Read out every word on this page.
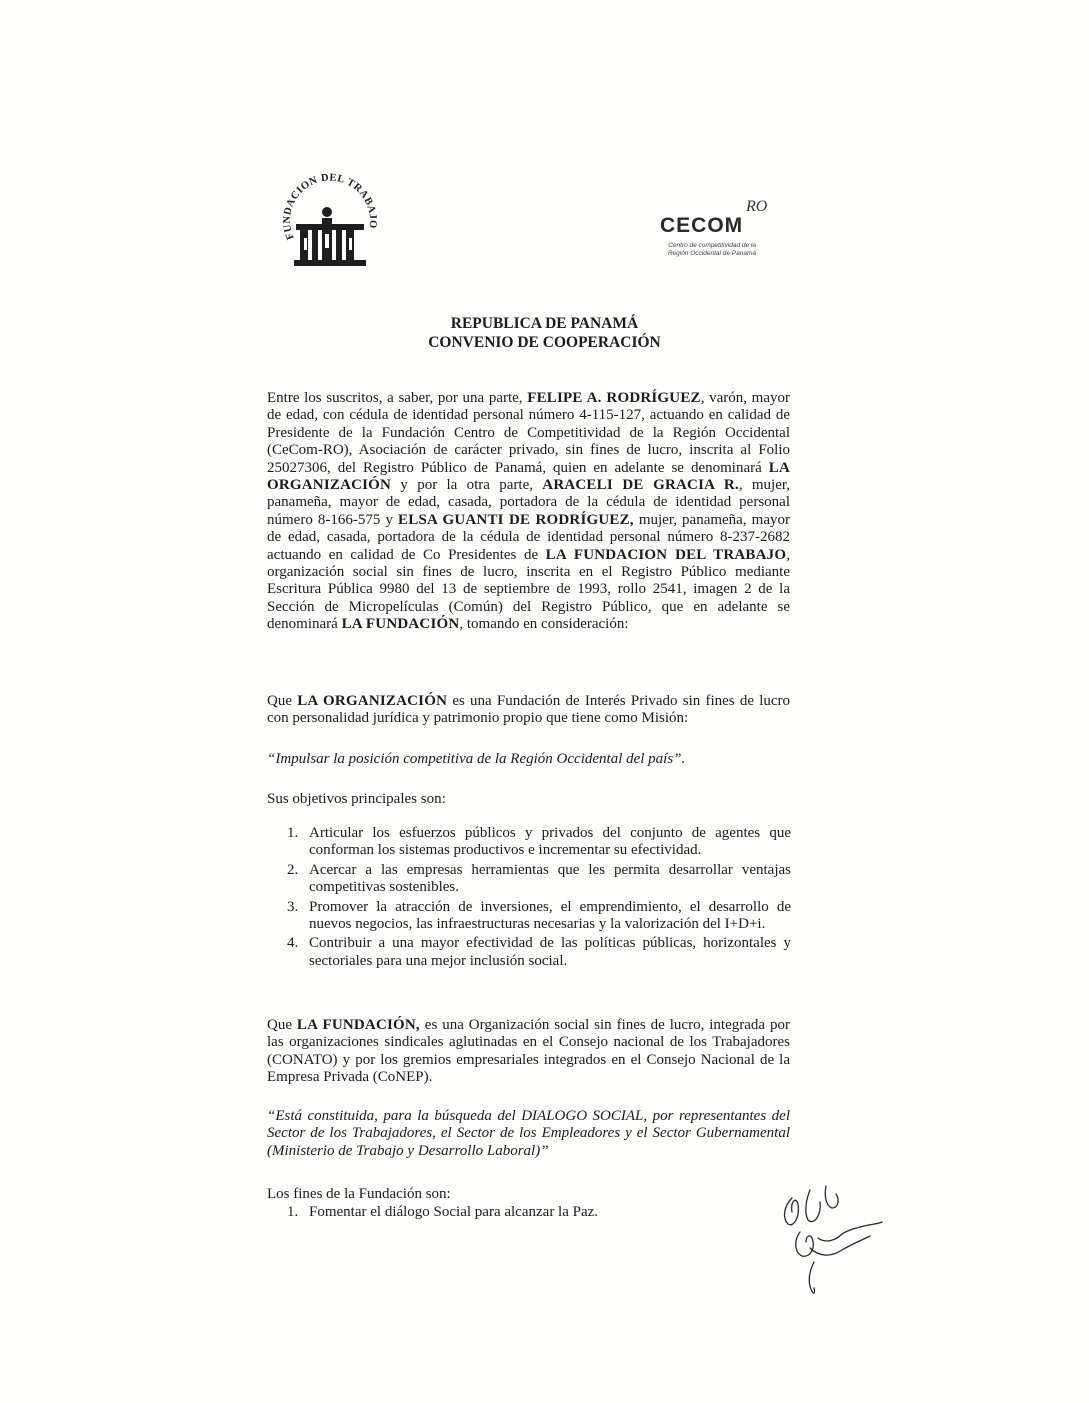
FUNDACION DEL TRABAJO
RO
CECOM
Centro de competitividad de la Región Occidental de Panamá
REPUBLICA DE PANAMÁ
CONVENIO DE COOPERACIÓN
Entre los suscritos, a saber, por una parte, FELIPE A. RODRÍGUEZ, varón, mayor de edad, con cédula de identidad personal número 4-115-127, actuando en calidad de Presidente de la Fundación Centro de Competitividad de la Región Occidental (CeCom-RO), Asociación de carácter privado, sin fines de lucro, inscrita al Folio 25027306, del Registro Público de Panamá, quien en adelante se denominará LA ORGANIZACIÓN y por la otra parte, ARACELI DE GRACIA R., mujer, panameña, mayor de edad, casada, portadora de la cédula de identidad personal número 8-166-575 y ELSA GUANTI DE RODRÍGUEZ, mujer, panameña, mayor de edad, casada, portadora de la cédula de identidad personal número 8-237-2682 actuando en calidad de Co Presidentes de LA FUNDACION DEL TRABAJO, organización social sin fines de lucro, inscrita en el Registro Público mediante Escritura Pública 9980 del 13 de septiembre de 1993, rollo 2541, imagen 2 de la Sección de Micropelículas (Común) del Registro Público, que en adelante se denominará LA FUNDACIÓN, tomando en consideración:
Que LA ORGANIZACIÓN es una Fundación de Interés Privado sin fines de lucro con personalidad jurídica y patrimonio propio que tiene como Misión:
“Impulsar la posición competitiva de la Región Occidental del país”.
Sus objetivos principales son:
1. Articular los esfuerzos públicos y privados del conjunto de agentes que conforman los sistemas productivos e incrementar su efectividad.
2. Acercar a las empresas herramientas que les permita desarrollar ventajas competitivas sostenibles.
3. Promover la atracción de inversiones, el emprendimiento, el desarrollo de nuevos negocios, las infraestructuras necesarias y la valorización del I+D+i.
4. Contribuir a una mayor efectividad de las políticas públicas, horizontales y sectoriales para una mejor inclusión social.
Que LA FUNDACIÓN, es una Organización social sin fines de lucro, integrada por las organizaciones sindicales aglutinadas en el Consejo nacional de los Trabajadores (CONATO) y por los gremios empresariales integrados en el Consejo Nacional de la Empresa Privada (CoNEP).
“Está constituida, para la búsqueda del DIALOGO SOCIAL, por representantes del Sector de los Trabajadores, el Sector de los Empleadores y el Sector Gubernamental (Ministerio de Trabajo y Desarrollo Laboral)”
Los fines de la Fundación son:
1. Fomentar el diálogo Social para alcanzar la Paz.
